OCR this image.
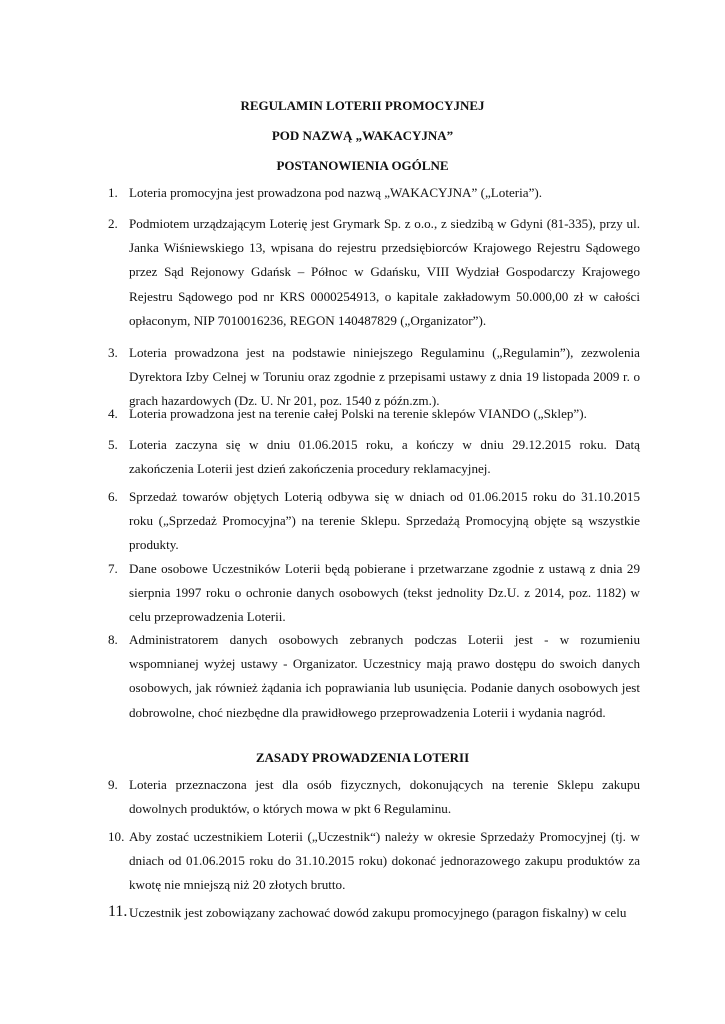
REGULAMIN LOTERII PROMOCYJNEJ
POD NAZWĄ „WAKACYJNA”
POSTANOWIENIA OGÓLNE
1. Loteria promocyjna jest prowadzona pod nazwą „WAKACYJNA” („Loteria”).
2. Podmiotem urządzającym Loterię jest Grymark Sp. z o.o., z siedzibą w Gdyni (81-335), przy ul. Janka Wiśniewskiego 13, wpisana do rejestru przedsiębiorców Krajowego Rejestru Sądowego przez Sąd Rejonowy Gdańsk – Północ w Gdańsku, VIII Wydział Gospodarczy Krajowego Rejestru Sądowego pod nr KRS 0000254913, o kapitale zakładowym 50.000,00 zł w całości opłaconym, NIP 7010016236, REGON 140487829 („Organizator”).
3. Loteria prowadzona jest na podstawie niniejszego Regulaminu („Regulamin”), zezwolenia Dyrektora Izby Celnej w Toruniu oraz zgodnie z przepisami ustawy z dnia 19 listopada 2009 r. o grach hazardowych (Dz. U. Nr 201, poz. 1540 z późn.zm.).
4. Loteria prowadzona jest na terenie całej Polski na terenie sklepów VIANDO („Sklep”).
5. Loteria zaczyna się w dniu 01.06.2015 roku, a kończy w dniu 29.12.2015 roku. Datą zakończenia Loterii jest dzień zakończenia procedury reklamacyjnej.
6. Sprzedaż towarów objętych Loterią odbywa się w dniach od 01.06.2015 roku do 31.10.2015 roku („Sprzedaż Promocyjna”) na terenie Sklepu. Sprzedażą Promocyjną objęte są wszystkie produkty.
7. Dane osobowe Uczestników Loterii będą pobierane i przetwarzane zgodnie z ustawą z dnia 29 sierpnia 1997 roku o ochronie danych osobowych (tekst jednolity Dz.U. z 2014, poz. 1182) w celu przeprowadzenia Loterii.
8. Administratorem danych osobowych zebranych podczas Loterii jest - w rozumieniu wspomnianej wyżej ustawy - Organizator. Uczestnicy mają prawo dostępu do swoich danych osobowych, jak również żądania ich poprawiania lub usunięcia. Podanie danych osobowych jest dobrowolne, choć niezbędne dla prawidłowego przeprowadzenia Loterii i wydania nagród.
ZASADY PROWADZENIA LOTERII
9. Loteria przeznaczona jest dla osób fizycznych, dokonujących na terenie Sklepu zakupu dowolnych produktów, o których mowa w pkt 6 Regulaminu.
10. Aby zostać uczestnikiem Loterii („Uczestnik“) należy w okresie Sprzedaży Promocyjnej (tj. w dniach od 01.06.2015 roku do 31.10.2015 roku) dokonać jednorazowego zakupu produktów za kwotę nie mniejszą niż 20 złotych brutto.
11. Uczestnik jest zobowiązany zachować dowód zakupu promocyjnego (paragon fiskalny) w celu
